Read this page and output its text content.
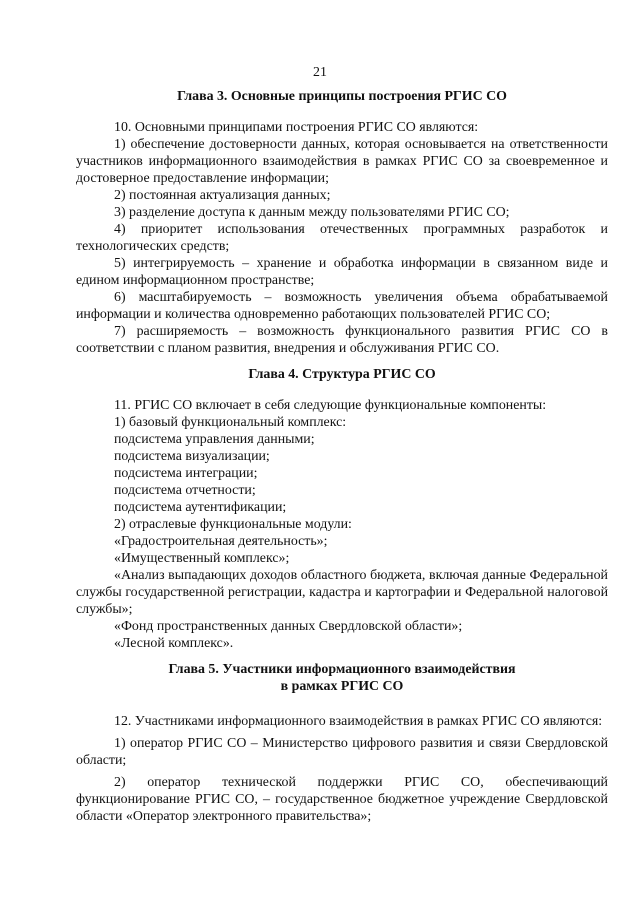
21
Глава 3. Основные принципы построения РГИС СО

10. Основными принципами построения РГИС СО являются:

1) обеспечение достоверности данных, которая основывается на ответственности участников информационного взаимодействия в рамках РГИС СО за своевременное и достоверное предоставление информации;

2) постоянная актуализация данных;

3) разделение доступа к данным между пользователями РГИС СО;

4) приоритет использования отечественных программных разработок и технологических средств;

5) интегрируемость – хранение и обработка информации в связанном виде и едином информационном пространстве;

6) масштабируемость – возможность увеличения объема обрабатываемой информации и количества одновременно работающих пользователей РГИС СО;

7) расширяемость – возможность функционального развития РГИС СО в соответствии с планом развития, внедрения и обслуживания РГИС СО.

Глава 4. Структура РГИС СО

11. РГИС СО включает в себя следующие функциональные компоненты:

1) базовый функциональный комплекс:

подсистема управления данными;

подсистема визуализации;

подсистема интеграции;

подсистема отчетности;

подсистема аутентификации;

2) отраслевые функциональные модули:

«Градостроительная деятельность»;

«Имущественный комплекс»;

«Анализ выпадающих доходов областного бюджета, включая данные Федеральной службы государственной регистрации, кадастра и картографии и Федеральной налоговой службы»;

«Фонд пространственных данных Свердловской области»;

«Лесной комплекс».

Глава 5. Участники информационного взаимодействия
в рамках РГИС СО

12. Участниками информационного взаимодействия в рамках РГИС СО являются:

1) оператор РГИС СО – Министерство цифрового развития и связи Свердловской области;

2) оператор технической поддержки РГИС СО, обеспечивающий функционирование РГИС СО, – государственное бюджетное учреждение Свердловской области «Оператор электронного правительства»;
